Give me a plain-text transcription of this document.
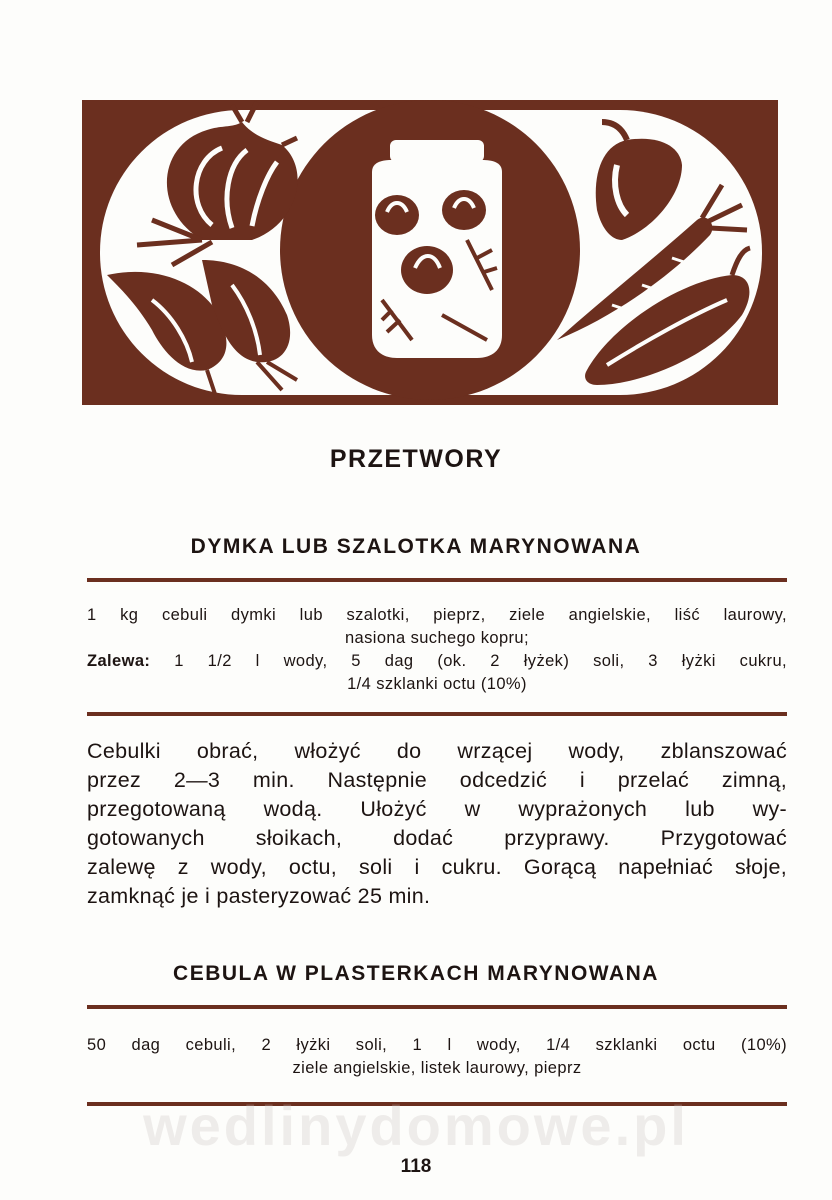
PRZETWORY
DYMKA LUB SZALOTKA MARYNOWANA

1 kg cebuli dymki lub szalotki, pieprz, ziele angielskie, liść laurowy,

nasiona suchego kopru;

Zalewa: 1 1/2 l wody, 5 dag (ok. 2 łyżek) soli, 3 łyżki cukru,

1/4 szklanki octu (10%)

Cebulki obrać, włożyć do wrzącej wody, zblanszować

przez 2—3 min. Następnie odcedzić i przelać zimną,

przegotowaną wodą. Ułożyć w wyprażonych lub wy-

gotowanych słoikach, dodać przyprawy. Przygotować

zalewę z wody, octu, soli i cukru. Gorącą napełniać słoje,

zamknąć je i pasteryzować 25 min.

CEBULA W PLASTERKACH MARYNOWANA

50 dag cebuli, 2 łyżki soli, 1 l wody, 1/4 szklanki octu (10%)

ziele angielskie, listek laurowy, pieprz

wedlinydomowe.pl
118
